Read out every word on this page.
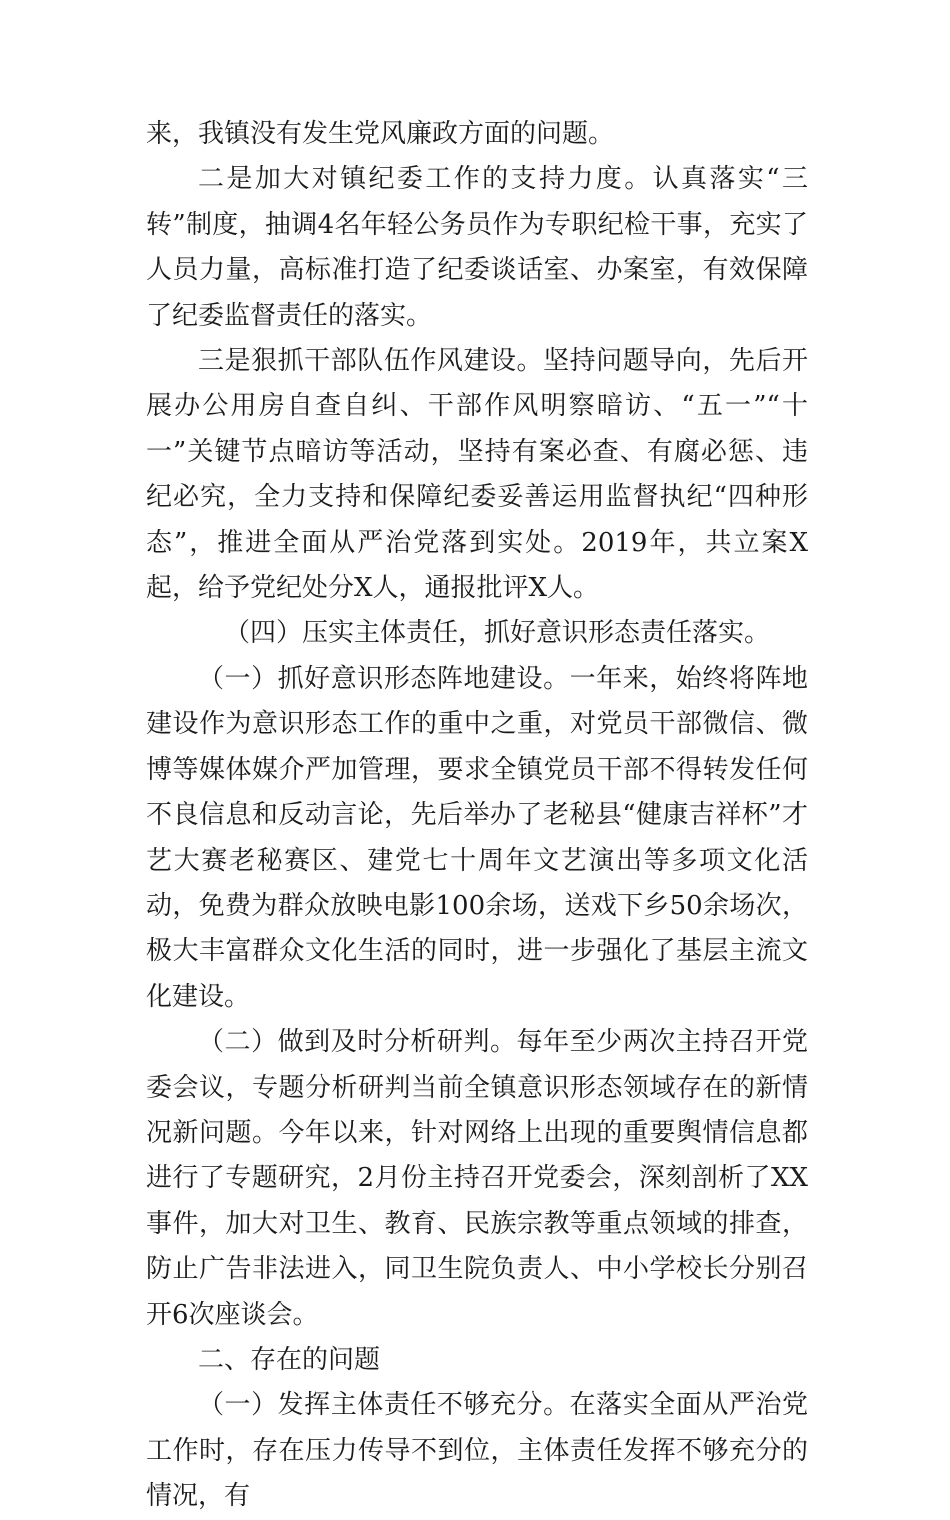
来，我镇没有发生党风廉政方面的问题。

二是加大对镇纪委工作的支持力度。认真落实“三转”制度，抽调4名年轻公务员作为专职纪检干事，充实了人员力量，高标准打造了纪委谈话室、办案室，有效保障了纪委监督责任的落实。

三是狠抓干部队伍作风建设。坚持问题导向，先后开展办公用房自查自纠、干部作风明察暗访、“五一”“十一”关键节点暗访等活动，坚持有案必查、有腐必惩、违纪必究，全力支持和保障纪委妥善运用监督执纪“四种形态”，推进全面从严治党落到实处。2019年，共立案X起，给予党纪处分X人，通报批评X人。

（四）压实主体责任，抓好意识形态责任落实。

（一）抓好意识形态阵地建设。一年来，始终将阵地建设作为意识形态工作的重中之重，对党员干部微信、微博等媒体媒介严加管理，要求全镇党员干部不得转发任何不良信息和反动言论，先后举办了老秘县“健康吉祥杯”才艺大赛老秘赛区、建党七十周年文艺演出等多项文化活动，免费为群众放映电影100余场，送戏下乡50余场次，极大丰富群众文化生活的同时，进一步强化了基层主流文化建设。

（二）做到及时分析研判。每年至少两次主持召开党委会议，专题分析研判当前全镇意识形态领域存在的新情况新问题。今年以来，针对网络上出现的重要舆情信息都进行了专题研究，2月份主持召开党委会，深刻剖析了XX事件，加大对卫生、教育、民族宗教等重点领域的排查，防止广告非法进入，同卫生院负责人、中小学校长分别召开6次座谈会。

二、存在的问题

（一）发挥主体责任不够充分。在落实全面从严治党工作时，存在压力传导不到位，主体责任发挥不够充分的情况，有
